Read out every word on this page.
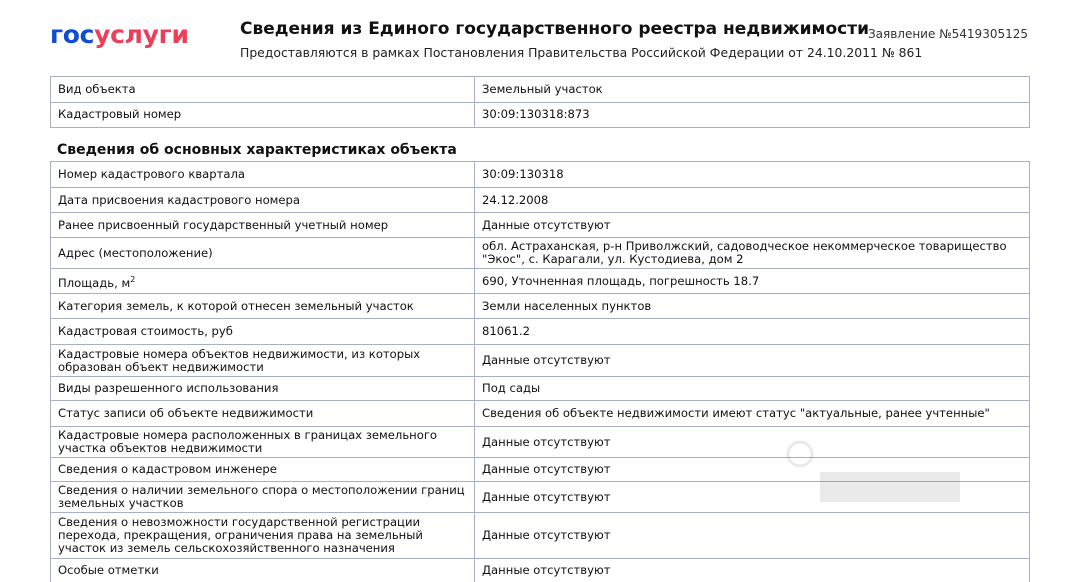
госуслуги	Сведения из Единого государственного реестра недвижимости
Предоставляются в рамках Постановления Правительства Российской Федерации от 24.10.2011 № 861
Заявление №5419305125
Вид объекта	Земельный участок
Кадастровый номер	30:09:130318:873
Сведения об основных характеристиках объекта
Номер кадастрового квартала	30:09:130318
Дата присвоения кадастрового номера	24.12.2008
Ранее присвоенный государственный учетный номер	Данные отсутствуют
Адрес (местоположение)	обл. Астраханская, р-н Приволжский, садоводческое некоммерческое товарищество "Экос", с. Карагали, ул. Кустодиева, дом 2
Площадь, $м^2$	690, Уточненная площадь, погрешность 18.7
Категория земель, к которой отнесен земельный участок	Земли населенных пунктов
Кадастровая стоимость, руб	81061.2
Кадастровые номера объектов недвижимости, из которых образован объект недвижимости	Данные отсутствуют
Виды разрешенного использования	Под сады
Статус записи об объекте недвижимости	Сведения об объекте недвижимости имеют статус "актуальные, ранее учтенные"
Кадастровые номера расположенных в границах земельного участка объектов недвижимости	Данные отсутствуют
Сведения о кадастровом инженере	Данные отсутствуют
Сведения о наличии земельного спора о местоположении границ земельных участков	Данные отсутствуют
Сведения о невозможности государственной регистрации перехода, прекращения, ограничения права на земельный участок из земель сельскохозяйственного назначения	Данные отсутствуют
Особые отметки	Данные отсутствуют
